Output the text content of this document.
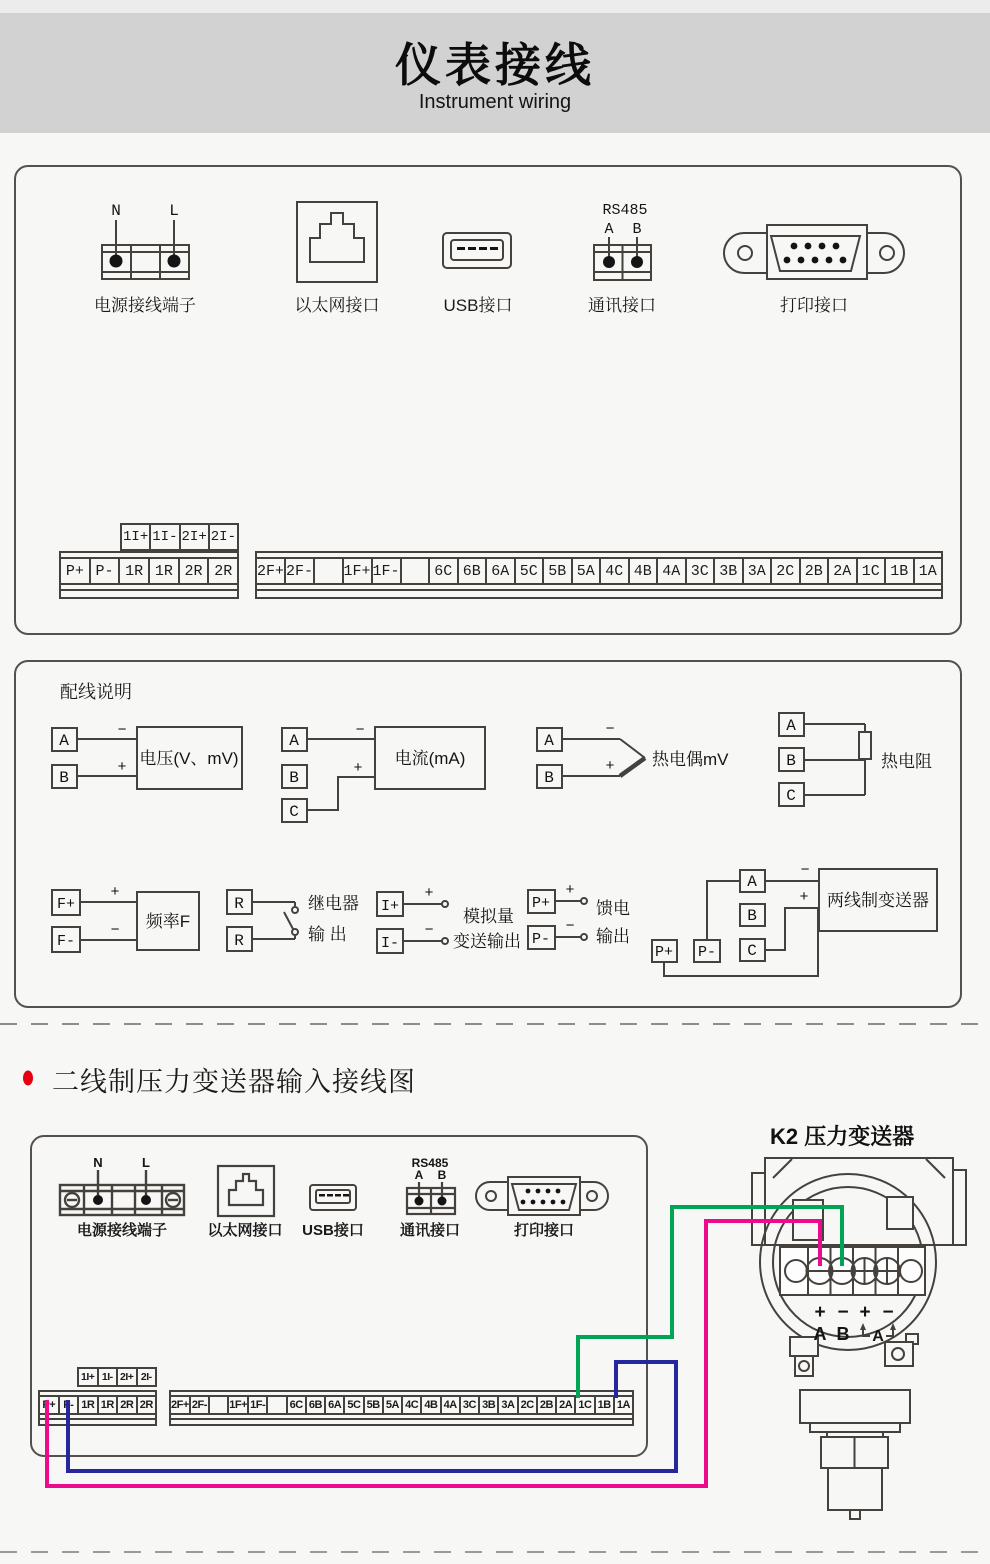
仪表接线
Instrument wiring
N	L
电源接线端子	以太网接口	USB接口
RS485
A B
通讯接口	打印接口
1I+ 1I- 2I+ 2I-
P+ P- 1R 1R 2R 2R	2F+ 2F- 1F+ 1F-	6C 6B 6A 5C 5B 5A 4C 4B 4A 3C 3B 3A 2C 2B 2A 1C 1B 1A
配线说明
A
B
−
+ 电压(V、mV)
A
B
C
−
+
电流(mA)
A
B
−
+ 热电偶mV
A
B
C
热电阻
F+
F-
+
− 频率F
R
R
继电器
输 出
I+
I-
+
−
模拟量
变送输出
P+
P-
+
−
馈电
输出
P+ P-
A
B
C
−
+ 两线制变送器
二线制压力变送器输入接线图
N	L
电源接线端子	以太网接口 USB接口
RS485
A B
通讯接口	打印接口
1I+ 1I- 2I+ 2I-
P+ P- 1R 1R 2R 2R 2F+ 2F- 1F+ 1F-	6C 6B 6A 5C 5B 5A 4C 4B 4A 3C 3B 3A 2C 2B 2A 1C 1B 1A
K2 压力变送器
+ − + −
A B A
